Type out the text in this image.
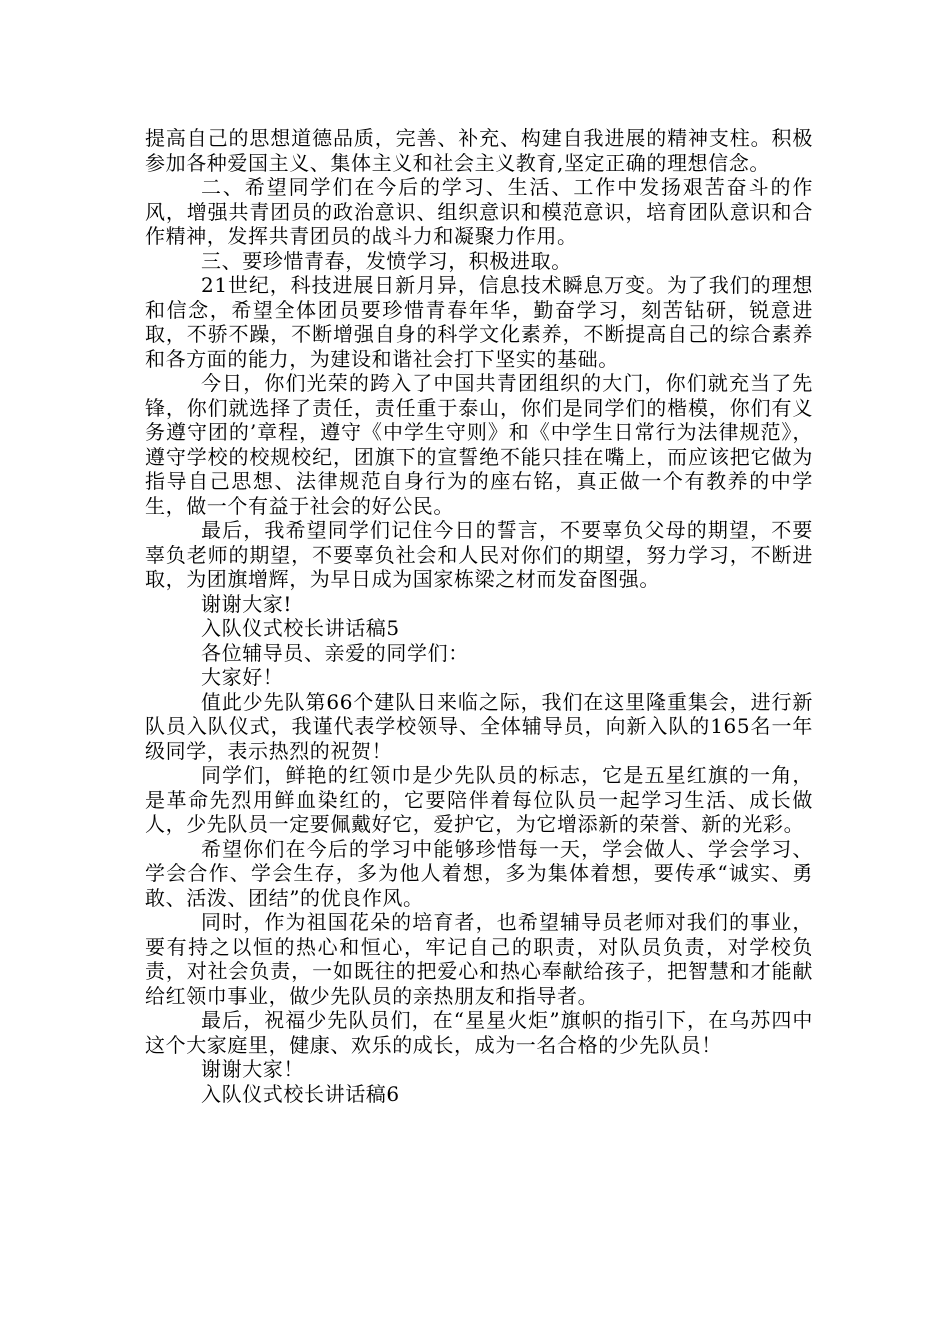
提高自己的思想道德品质，完善、补充、构建自我进展的精神支柱。积极参加各种爱国主义、集体主义和社会主义教育,坚定正确的理想信念。

二、希望同学们在今后的学习、生活、工作中发扬艰苦奋斗的作风，增强共青团员的政治意识、组织意识和模范意识，培育团队意识和合作精神，发挥共青团员的战斗力和凝聚力作用。

三、要珍惜青春，发愤学习，积极进取。

21世纪，科技进展日新月异，信息技术瞬息万变。为了我们的理想和信念，希望全体团员要珍惜青春年华，勤奋学习，刻苦钻研，锐意进取，不骄不躁，不断增强自身的科学文化素养，不断提高自己的综合素养和各方面的能力，为建设和谐社会打下坚实的基础。

今日，你们光荣的跨入了中国共青团组织的大门，你们就充当了先锋，你们就选择了责任，责任重于泰山，你们是同学们的楷模，你们有义务遵守团的’章程，遵守《中学生守则》和《中学生日常行为法律规范》，遵守学校的校规校纪，团旗下的宣誓绝不能只挂在嘴上，而应该把它做为指导自己思想、法律规范自身行为的座右铭，真正做一个有教养的中学生，做一个有益于社会的好公民。

最后，我希望同学们记住今日的誓言，不要辜负父母的期望，不要辜负老师的期望，不要辜负社会和人民对你们的期望，努力学习，不断进取，为团旗增辉，为早日成为国家栋梁之材而发奋图强。

谢谢大家!

入队仪式校长讲话稿5

各位辅导员、亲爱的同学们：

大家好！

值此少先队第66个建队日来临之际，我们在这里隆重集会，进行新队员入队仪式，我谨代表学校领导、全体辅导员，向新入队的165名一年级同学，表示热烈的祝贺！

同学们，鲜艳的红领巾是少先队员的标志，它是五星红旗的一角，是革命先烈用鲜血染红的，它要陪伴着每位队员一起学习生活、成长做人，少先队员一定要佩戴好它，爱护它，为它增添新的荣誉、新的光彩。

希望你们在今后的学习中能够珍惜每一天，学会做人、学会学习、学会合作、学会生存，多为他人着想，多为集体着想，要传承“诚实、勇敢、活泼、团结”的优良作风。

同时，作为祖国花朵的培育者，也希望辅导员老师对我们的事业，要有持之以恒的热心和恒心，牢记自己的职责，对队员负责，对学校负责，对社会负责，一如既往的把爱心和热心奉献给孩子，把智慧和才能献给红领巾事业，做少先队员的亲热朋友和指导者。

最后，祝福少先队员们，在“星星火炬”旗帜的指引下，在乌苏四中这个大家庭里，健康、欢乐的成长，成为一名合格的少先队员！

谢谢大家！

入队仪式校长讲话稿6
